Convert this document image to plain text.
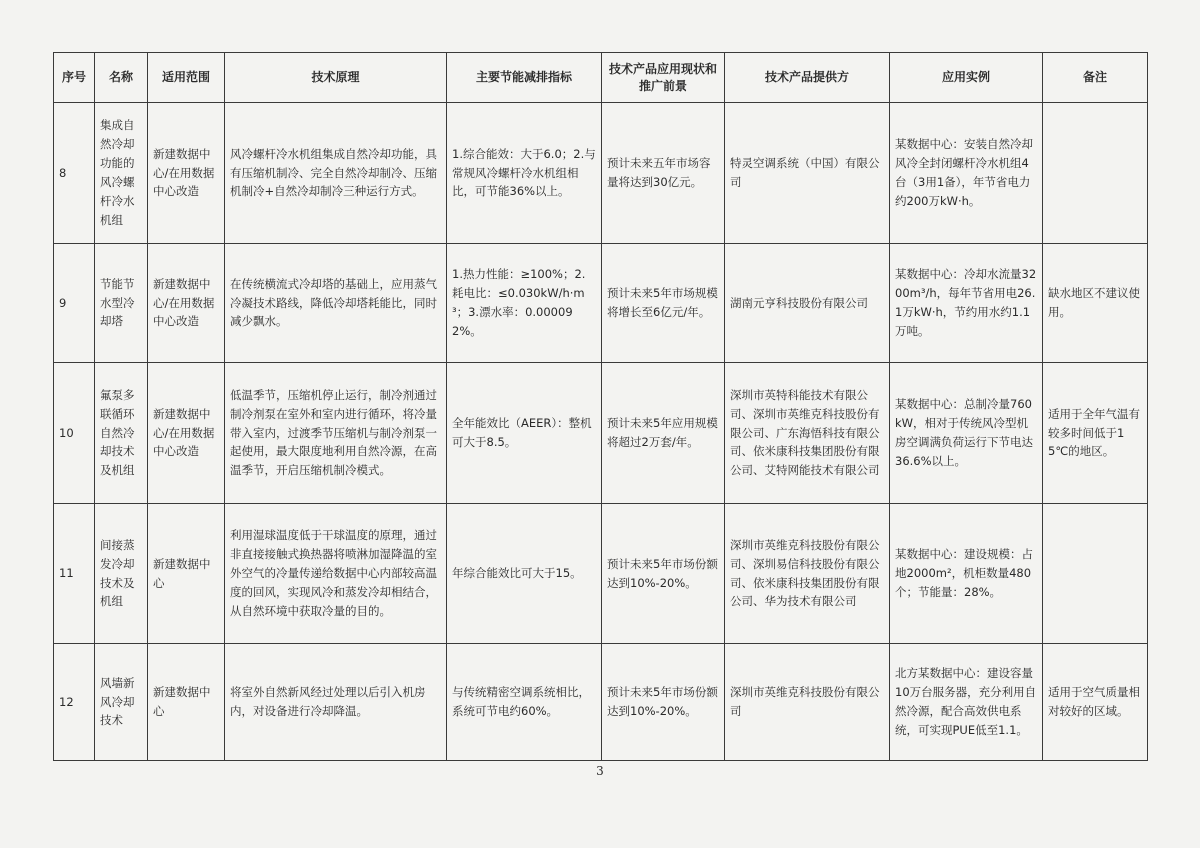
序号	名称	适用范围	技术原理	主要节能减排指标	技术产品应用现状和推广前景	技术产品提供方	应用实例	备注
8	集成自然冷却功能的风冷螺杆冷水机组	新建数据中心/在用数据中心改造	风冷螺杆冷水机组集成自然冷却功能，具有压缩机制冷、完全自然冷却制冷、压缩机制冷+自然冷却制冷三种运行方式。	1.综合能效：大于6.0；2.与常规风冷螺杆冷水机组相比，可节能36%以上。	预计未来五年市场容量将达到30亿元。	特灵空调系统（中国）有限公司	某数据中心：安装自然冷却风冷全封闭螺杆冷水机组4台（3用1备），年节省电力约200万kW·h。	
9	节能节水型冷却塔	新建数据中心/在用数据中心改造	在传统横流式冷却塔的基础上，应用蒸气冷凝技术路线，降低冷却塔耗能比，同时减少飘水。	1.热力性能：≥100%；2.耗电比：≤0.030kW/h·m³；3.漂水率：0.000092%。	预计未来5年市场规模将增长至6亿元/年。	湖南元亨科技股份有限公司	某数据中心：冷却水流量3200m³/h，每年节省用电26.1万kW·h，节约用水约1.1万吨。	缺水地区不建议使用。
10	氟泵多联循环自然冷却技术及机组	新建数据中心/在用数据中心改造	低温季节，压缩机停止运行，制冷剂通过制冷剂泵在室外和室内进行循环，将冷量带入室内，过渡季节压缩机与制冷剂泵一起使用，最大限度地利用自然冷源，在高温季节，开启压缩机制冷模式。	全年能效比（AEER）：整机可大于8.5。	预计未来5年应用规模将超过2万套/年。	深圳市英特科能技术有限公司、深圳市英维克科技股份有限公司、广东海悟科技有限公司、依米康科技集团股份有限公司、艾特网能技术有限公司	某数据中心：总制冷量760kW，相对于传统风冷型机房空调满负荷运行下节电达36.6%以上。	适用于全年气温有较多时间低于15℃的地区。
11	间接蒸发冷却技术及机组	新建数据中心	利用湿球温度低于干球温度的原理，通过非直接接触式换热器将喷淋加湿降温的室外空气的冷量传递给数据中心内部较高温度的回风，实现风冷和蒸发冷却相结合，从自然环境中获取冷量的目的。	年综合能效比可大于15。	预计未来5年市场份额达到10%-20%。	深圳市英维克科技股份有限公司、深圳易信科技股份有限公司、依米康科技集团股份有限公司、华为技术有限公司	某数据中心：建设规模：占地2000m²，机柜数量480个；节能量：28%。	
12	风墙新风冷却技术	新建数据中心	将室外自然新风经过处理以后引入机房内，对设备进行冷却降温。	与传统精密空调系统相比，系统可节电约60%。	预计未来5年市场份额达到10%-20%。	深圳市英维克科技股份有限公司	北方某数据中心：建设容量10万台服务器，充分利用自然冷源，配合高效供电系统，可实现PUE低至1.1。	适用于空气质量相对较好的区域。
3
